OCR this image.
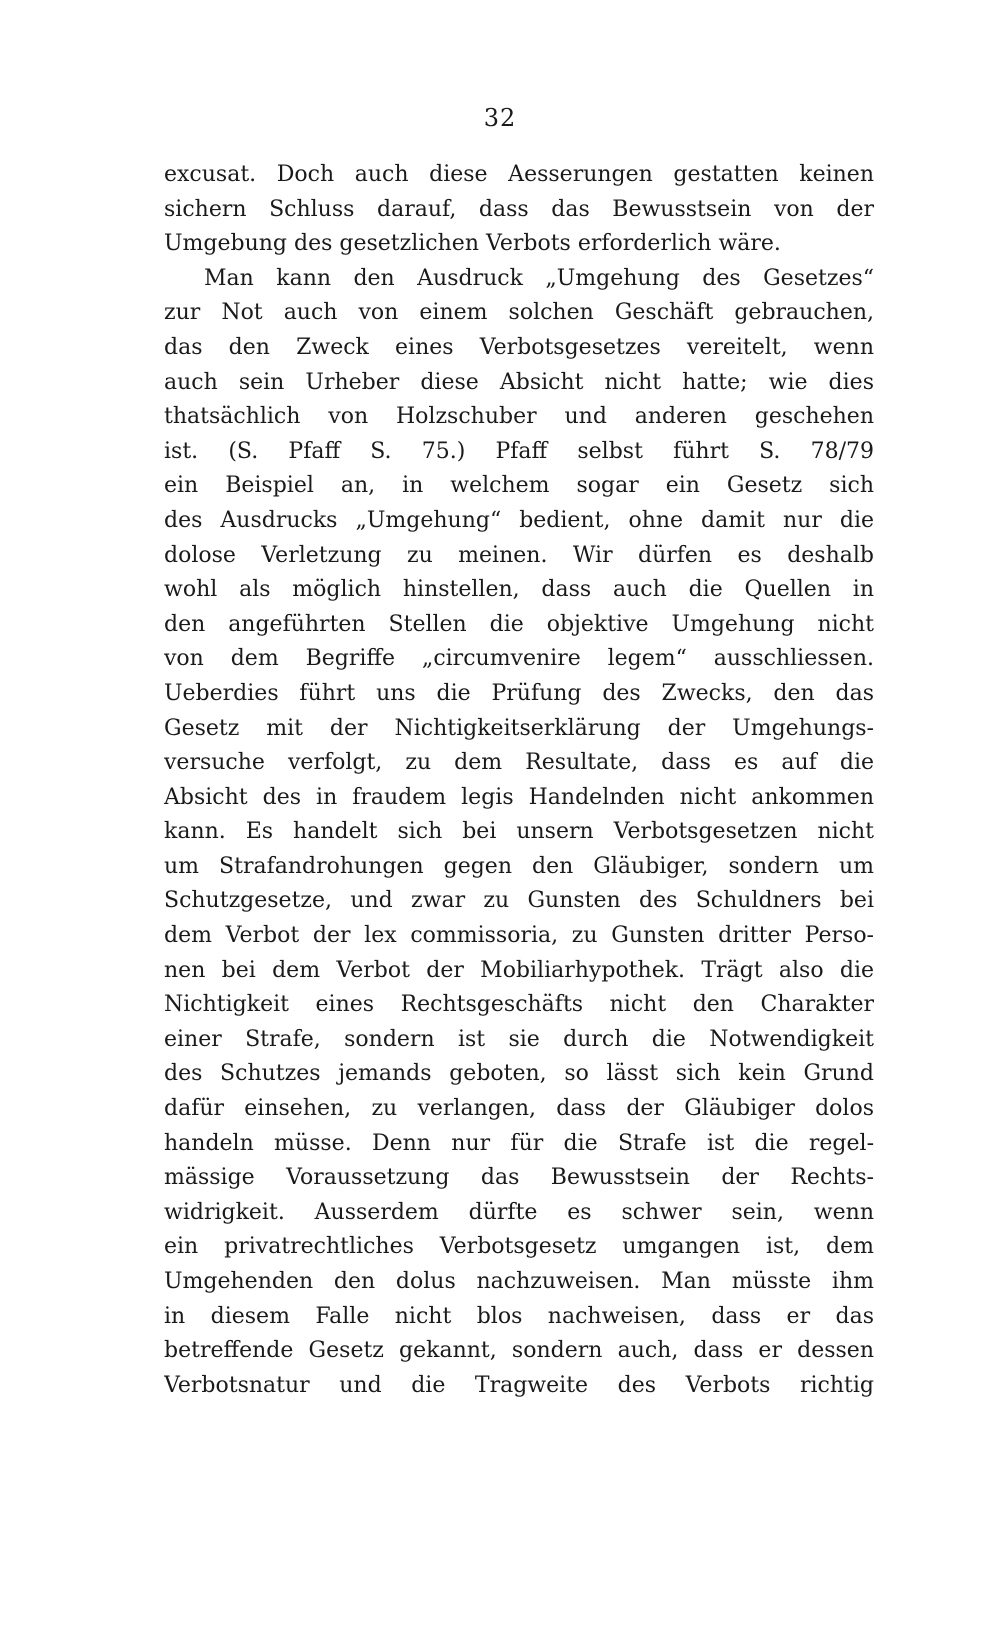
32
excusat. Doch auch diese Aesserungen gestatten keinen
sichern Schluss darauf, dass das Bewusstsein von der
Umgebung des gesetzlichen Verbots erforderlich wäre.
Man kann den Ausdruck „Umgehung des Gesetzes“
zur Not auch von einem solchen Geschäft gebrauchen,
das den Zweck eines Verbotsgesetzes vereitelt, wenn
auch sein Urheber diese Absicht nicht hatte; wie dies
thatsächlich von Holzschuber und anderen geschehen
ist. (S. Pfaff S. 75.) Pfaff selbst führt S. 78/79
ein Beispiel an, in welchem sogar ein Gesetz sich
des Ausdrucks „Umgehung“ bedient, ohne damit nur die
dolose Verletzung zu meinen. Wir dürfen es deshalb
wohl als möglich hinstellen, dass auch die Quellen in
den angeführten Stellen die objektive Umgehung nicht
von dem Begriffe „circumvenire legem“ ausschliessen.
Ueberdies führt uns die Prüfung des Zwecks, den das
Gesetz mit der Nichtigkeitserklärung der Umgehungs-
versuche verfolgt, zu dem Resultate, dass es auf die
Absicht des in fraudem legis Handelnden nicht ankommen
kann. Es handelt sich bei unsern Verbotsgesetzen nicht
um Strafandrohungen gegen den Gläubiger, sondern um
Schutzgesetze, und zwar zu Gunsten des Schuldners bei
dem Verbot der lex commissoria, zu Gunsten dritter Perso-
nen bei dem Verbot der Mobiliarhypothek. Trägt also die
Nichtigkeit eines Rechtsgeschäfts nicht den Charakter
einer Strafe, sondern ist sie durch die Notwendigkeit
des Schutzes jemands geboten, so lässt sich kein Grund
dafür einsehen, zu verlangen, dass der Gläubiger dolos
handeln müsse. Denn nur für die Strafe ist die regel-
mässige Voraussetzung das Bewusstsein der Rechts-
widrigkeit. Ausserdem dürfte es schwer sein, wenn
ein privatrechtliches Verbotsgesetz umgangen ist, dem
Umgehenden den dolus nachzuweisen. Man müsste ihm
in diesem Falle nicht blos nachweisen, dass er das
betreffende Gesetz gekannt, sondern auch, dass er dessen
Verbotsnatur und die Tragweite des Verbots richtig
